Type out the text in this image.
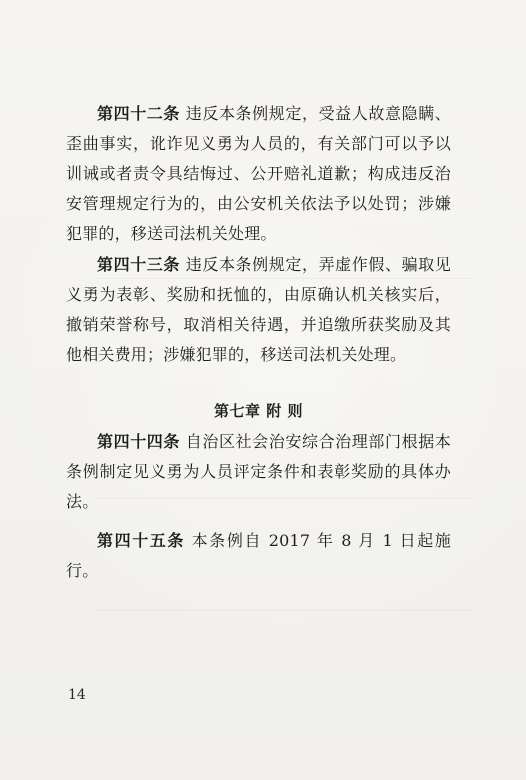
第四十二条 违反本条例规定，受益人故意隐瞒、歪曲事实，讹诈见义勇为人员的，有关部门可以予以训诫或者责令具结悔过、公开赔礼道歉；构成违反治安管理规定行为的，由公安机关依法予以处罚；涉嫌犯罪的，移送司法机关处理。

第四十三条 违反本条例规定，弄虚作假、骗取见义勇为表彰、奖励和抚恤的，由原确认机关核实后，撤销荣誉称号，取消相关待遇，并追缴所获奖励及其他相关费用；涉嫌犯罪的，移送司法机关处理。

第七章 附 则

第四十四条 自治区社会治安综合治理部门根据本条例制定见义勇为人员评定条件和表彰奖励的具体办法。

第四十五条 本条例自 2017 年 8 月 1 日起施行。

14
